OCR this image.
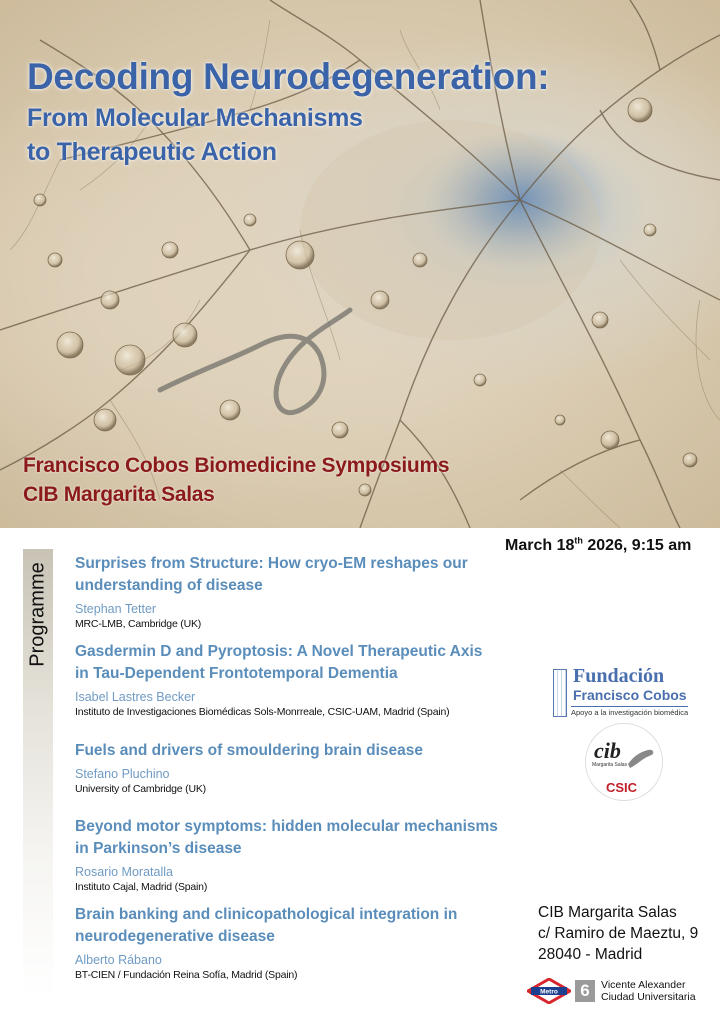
Decoding Neurodegeneration:
From Molecular Mechanisms
to Therapeutic Action
Francisco Cobos Biomedicine Symposiums
CIB Margarita Salas
Programme Surprises from Structure: How cryo-EM reshapes our
understanding of disease
Stephan Tetter
MRC-LMB, Cambridge (UK)
Gasdermin D and Pyroptosis: A Novel Therapeutic Axis
in Tau-Dependent Frontotemporal Dementia
Isabel Lastres Becker
Instituto de Investigaciones Biomédicas Sols-Monrreale, CSIC-UAM, Madrid (Spain)
Fuels and drivers of smouldering brain disease
Stefano Pluchino
University of Cambridge (UK)
Beyond motor symptoms: hidden molecular mechanisms
in Parkinson’s disease
Rosario Moratalla
Instituto Cajal, Madrid (Spain)
Brain banking and clinicopathological integration in
neurodegenerative disease
Alberto Rábano
BT-CIEN / Fundación Reina Sofía, Madrid (Spain)
March 18th 2026, 9:15 am
Fundación
Francisco Cobos
Apoyo a la investigación biomédica
cib
Margarita Salas
CSIC
CIB Margarita Salas
c/ Ramiro de Maeztu, 9
28040 - Madrid
Metro	6	Vicente Alexander
Ciudad Universitaria
